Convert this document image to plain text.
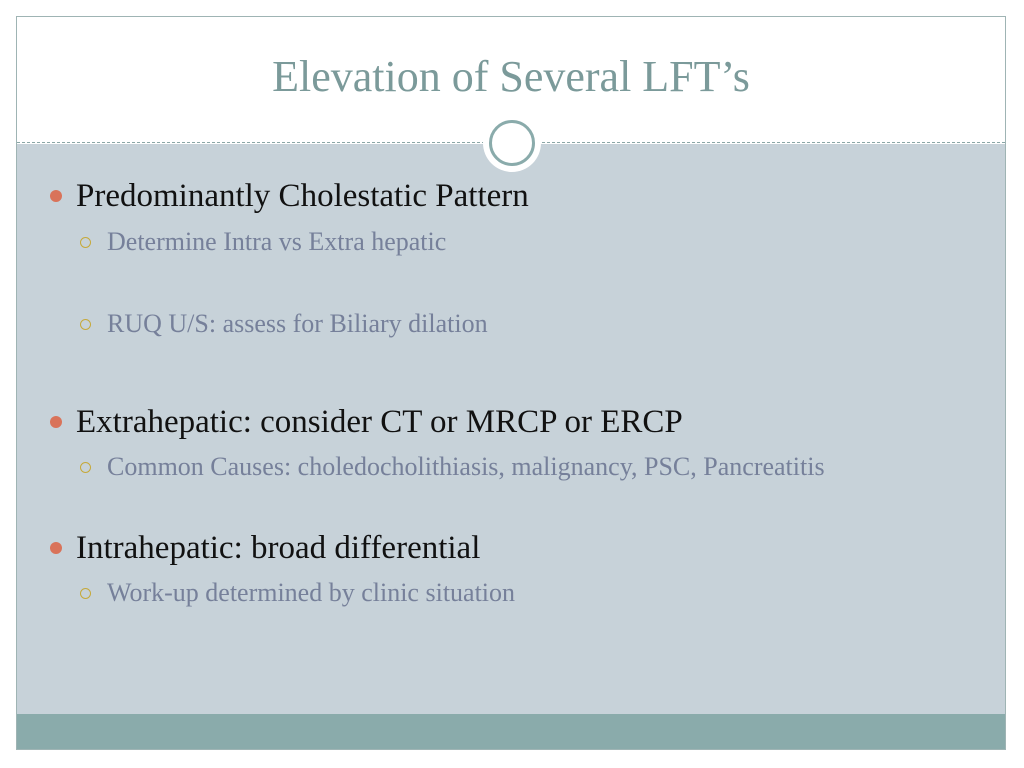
Elevation of Several LFT’s
Predominantly Cholestatic Pattern
Determine Intra vs Extra hepatic
RUQ U/S: assess for Biliary dilation
Extrahepatic: consider CT or MRCP or ERCP
Common Causes: choledocholithiasis, malignancy, PSC, Pancreatitis
Intrahepatic: broad differential
Work-up determined by clinic situation
